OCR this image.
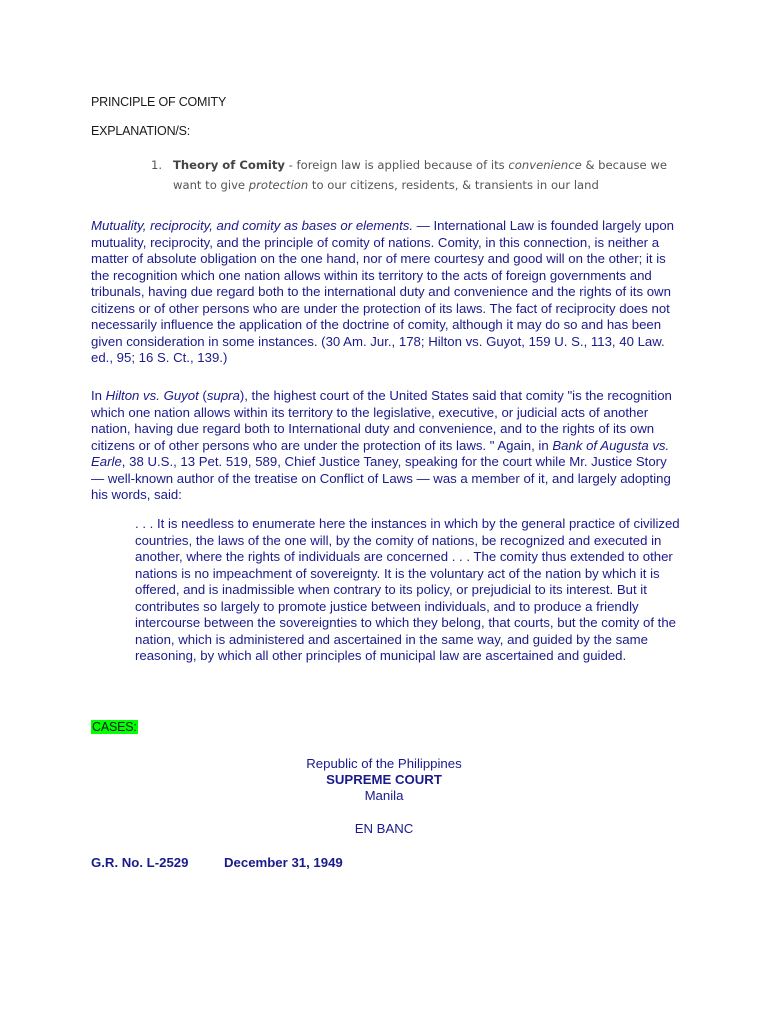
PRINCIPLE OF COMITY
EXPLANATION/S:
1. Theory of Comity - foreign law is applied because of its convenience & because we want to give protection to our citizens, residents, & transients in our land

Mutuality, reciprocity, and comity as bases or elements. — International Law is founded largely upon mutuality, reciprocity, and the principle of comity of nations. Comity, in this connection, is neither a matter of absolute obligation on the one hand, nor of mere courtesy and good will on the other; it is the recognition which one nation allows within its territory to the acts of foreign governments and tribunals, having due regard both to the international duty and convenience and the rights of its own citizens or of other persons who are under the protection of its laws. The fact of reciprocity does not necessarily influence the application of the doctrine of comity, although it may do so and has been given consideration in some instances. (30 Am. Jur., 178; Hilton vs. Guyot, 159 U. S., 113, 40 Law. ed., 95; 16 S. Ct., 139.)

In Hilton vs. Guyot (supra), the highest court of the United States said that comity "is the recognition which one nation allows within its territory to the legislative, executive, or judicial acts of another nation, having due regard both to International duty and convenience, and to the rights of its own citizens or of other persons who are under the protection of its laws. " Again, in Bank of Augusta vs. Earle, 38 U.S., 13 Pet. 519, 589, Chief Justice Taney, speaking for the court while Mr. Justice Story — well-known author of the treatise on Conflict of Laws — was a member of it, and largely adopting his words, said:

. . . It is needless to enumerate here the instances in which by the general practice of civilized countries, the laws of the one will, by the comity of nations, be recognized and executed in another, where the rights of individuals are concerned . . . The comity thus extended to other nations is no impeachment of sovereignty. It is the voluntary act of the nation by which it is offered, and is inadmissible when contrary to its policy, or prejudicial to its interest. But it contributes so largely to promote justice between individuals, and to produce a friendly intercourse between the sovereignties to which they belong, that courts, but the comity of the nation, which is administered and ascertained in the same way, and guided by the same reasoning, by which all other principles of municipal law are ascertained and guided.

CASES:
Republic of the Philippines
SUPREME COURT
Manila
EN BANC
G.R. No. L-2529	December 31, 1949
